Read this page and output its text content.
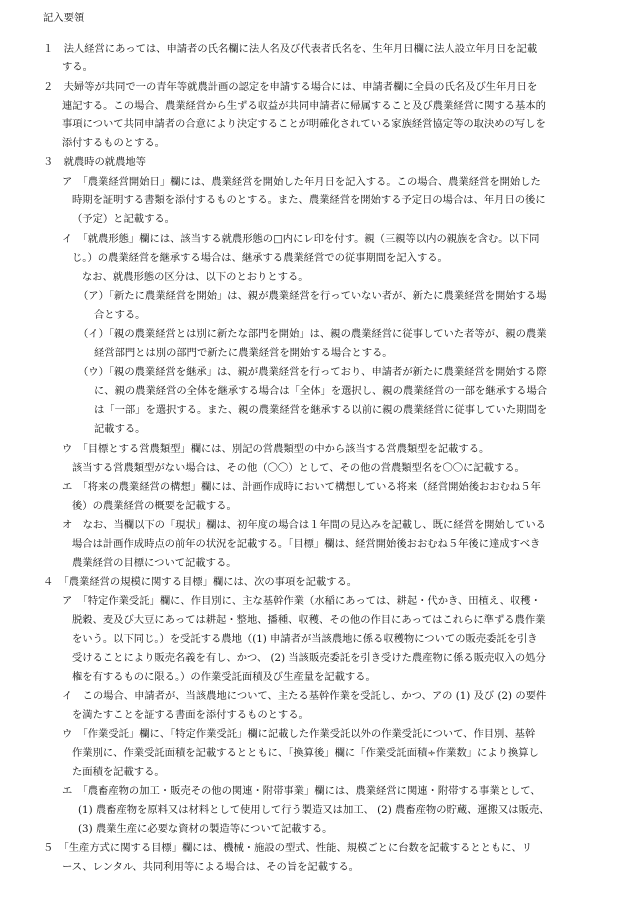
記入要領
１　法人経営にあっては、申請者の氏名欄に法人名及び代表者氏名を、生年月日欄に法人設立年月日を記載
する。
２　夫婦等が共同で一の青年等就農計画の認定を申請する場合には、申請者欄に全員の氏名及び生年月日を
連記する。この場合、農業経営から生ずる収益が共同申請者に帰属すること及び農業経営に関する基本的
事項について共同申請者の合意により決定することが明確化されている家族経営協定等の取決めの写しを
添付するものとする。
３　就農時の就農地等
ア　「農業経営開始日」欄には、農業経営を開始した年月日を記入する。この場合、農業経営を開始した
時期を証明する書類を添付するものとする。また、農業経営を開始する予定日の場合は、年月日の後に
（予定）と記載する。
イ　「就農形態」欄には、該当する就農形態の□内にレ印を付す。親（三親等以内の親族を含む。以下同
じ。）の農業経営を継承する場合は、継承する農業経営での従事期間を記入する。
なお、就農形態の区分は、以下のとおりとする。
（ア）「新たに農業経営を開始」は、親が農業経営を行っていない者が、新たに農業経営を開始する場
合とする。
（イ）「親の農業経営とは別に新たな部門を開始」は、親の農業経営に従事していた者等が、親の農業
経営部門とは別の部門で新たに農業経営を開始する場合とする。
（ウ）「親の農業経営を継承」は、親が農業経営を行っており、申請者が新たに農業経営を開始する際
に、親の農業経営の全体を継承する場合は「全体」を選択し、親の農業経営の一部を継承する場合
は「一部」を選択する。また、親の農業経営を継承する以前に親の農業経営に従事していた期間を
記載する。
ウ　「目標とする営農類型」欄には、別記の営農類型の中から該当する営農類型を記載する。
該当する営農類型がない場合は、その他（〇〇）として、その他の営農類型名を〇〇に記載する。
エ　「将来の農業経営の構想」欄には、計画作成時において構想している将来（経営開始後おおむね５年
後）の農業経営の概要を記載する。
オ　なお、当欄以下の「現状」欄は、初年度の場合は１年間の見込みを記載し、既に経営を開始している
場合は計画作成時点の前年の状況を記載する。「目標」欄は、経営開始後おおむね５年後に達成すべき
農業経営の目標について記載する。
４　「農業経営の規模に関する目標」欄には、次の事項を記載する。
ア　「特定作業受託」欄に、作目別に、主な基幹作業（水稲にあっては、耕起・代かき、田植え、収穫・
脱穀、麦及び大豆にあっては耕起・整地、播種、収穫、その他の作目にあってはこれらに準ずる農作業
をいう。以下同じ。）を受託する農地（(1) 申請者が当該農地に係る収穫物についての販売委託を引き
受けることにより販売名義を有し、かつ、 (2) 当該販売委託を引き受けた農産物に係る販売収入の処分
権を有するものに限る。）の作業受託面積及び生産量を記載する。
イ　この場合、申請者が、当該農地について、主たる基幹作業を受託し、かつ、アの (1) 及び (2) の要件
を満たすことを証する書面を添付するものとする。
ウ　「作業受託」欄に、「特定作業受託」欄に記載した作業受託以外の作業受託について、作目別、基幹
作業別に、作業受託面積を記載するとともに、「換算後」欄に「作業受託面積÷作業数」により換算し
た面積を記載する。
エ　「農畜産物の加工・販売その他の関連・附帯事業」欄には、農業経営に関連・附帯する事業として、
(1) 農畜産物を原料又は材料として使用して行う製造又は加工、 (2) 農畜産物の貯蔵、運搬又は販売、
(3) 農業生産に必要な資材の製造等について記載する。
５　「生産方式に関する目標」欄には、機械・施設の型式、性能、規模ごとに台数を記載するとともに、リ
ース、レンタル、共同利用等による場合は、その旨を記載する。
